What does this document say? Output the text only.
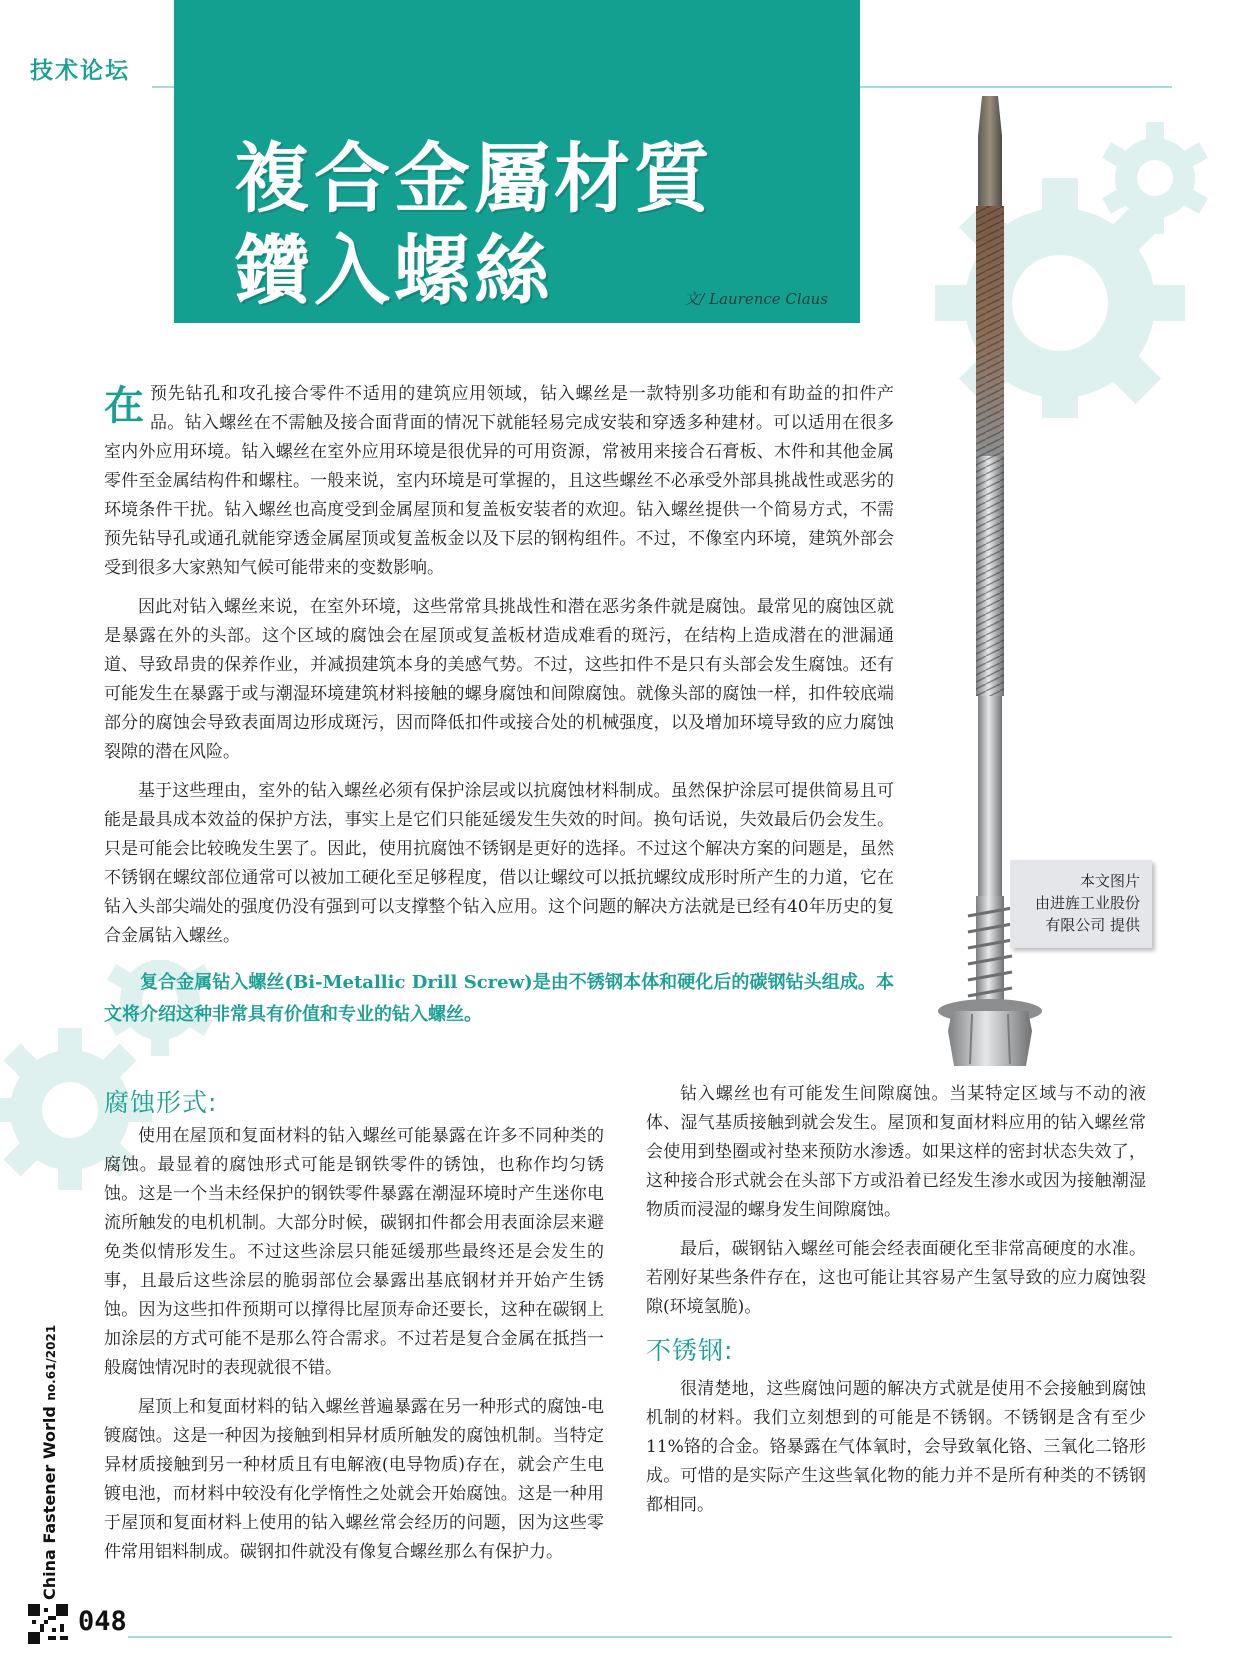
技术论坛
複合金屬材質
鑽入螺絲	文/ Laurence Claus
本文图片
由进旌工业股份
有限公司 提供

在预先钻孔和攻孔接合零件不适用的建筑应用领域，钻入螺丝是一款特别多功能和有助益的扣件产品。钻入螺丝在不需触及接合面背面的情况下就能轻易完成安装和穿透多种建材。可以适用在很多室内外应用环境。钻入螺丝在室外应用环境是很优异的可用资源，常被用来接合石膏板、木件和其他金属零件至金属结构件和螺柱。一般来说，室内环境是可掌握的，且这些螺丝不必承受外部具挑战性或恶劣的环境条件干扰。钻入螺丝也高度受到金属屋顶和复盖板安装者的欢迎。钻入螺丝提供一个简易方式，不需预先钻导孔或通孔就能穿透金属屋顶或复盖板金以及下层的钢构组件。不过，不像室内环境，建筑外部会受到很多大家熟知气候可能带来的变数影响。

因此对钻入螺丝来说，在室外环境，这些常常具挑战性和潜在恶劣条件就是腐蚀。最常见的腐蚀区就是暴露在外的头部。这个区域的腐蚀会在屋顶或复盖板材造成难看的斑污，在结构上造成潜在的泄漏通道、导致昂贵的保养作业，并减损建筑本身的美感气势。不过，这些扣件不是只有头部会发生腐蚀。还有可能发生在暴露于或与潮湿环境建筑材料接触的螺身腐蚀和间隙腐蚀。就像头部的腐蚀一样，扣件较底端部分的腐蚀会导致表面周边形成斑污，因而降低扣件或接合处的机械强度，以及增加环境导致的应力腐蚀裂隙的潜在风险。

基于这些理由，室外的钻入螺丝必须有保护涂层或以抗腐蚀材料制成。虽然保护涂层可提供简易且可能是最具成本效益的保护方法，事实上是它们只能延缓发生失效的时间。换句话说，失效最后仍会发生。只是可能会比较晚发生罢了。因此，使用抗腐蚀不锈钢是更好的选择。不过这个解决方案的问题是，虽然不锈钢在螺纹部位通常可以被加工硬化至足够程度，借以让螺纹可以抵抗螺纹成形时所产生的力道，它在钻入头部尖端处的强度仍没有强到可以支撑整个钻入应用。这个问题的解决方法就是已经有40年历史的复合金属钻入螺丝。

复合金属钻入螺丝(Bi-Metallic Drill Screw)是由不锈钢本体和硬化后的碳钢钻头组成。本文将介绍这种非常具有价值和专业的钻入螺丝。
腐蚀形式:

使用在屋顶和复面材料的钻入螺丝可能暴露在许多不同种类的腐蚀。最显着的腐蚀形式可能是钢铁零件的锈蚀，也称作均匀锈蚀。这是一个当未经保护的钢铁零件暴露在潮湿环境时产生迷你电流所触发的电机机制。大部分时候，碳钢扣件都会用表面涂层来避免类似情形发生。不过这些涂层只能延缓那些最终还是会发生的事，且最后这些涂层的脆弱部位会暴露出基底钢材并开始产生锈蚀。因为这些扣件预期可以撑得比屋顶寿命还要长，这种在碳钢上加涂层的方式可能不是那么符合需求。不过若是复合金属在抵挡一般腐蚀情况时的表现就很不错。

屋顶上和复面材料的钻入螺丝普遍暴露在另一种形式的腐蚀-电镀腐蚀。这是一种因为接触到相异材质所触发的腐蚀机制。当特定异材质接触到另一种材质且有电解液(电导物质)存在，就会产生电镀电池，而材料中较没有化学惰性之处就会开始腐蚀。这是一种用于屋顶和复面材料上使用的钻入螺丝常会经历的问题，因为这些零件常用铝料制成。碳钢扣件就没有像复合螺丝那么有保护力。

钻入螺丝也有可能发生间隙腐蚀。当某特定区域与不动的液体、湿气基质接触到就会发生。屋顶和复面材料应用的钻入螺丝常会使用到垫圈或衬垫来预防水渗透。如果这样的密封状态失效了，这种接合形式就会在头部下方或沿着已经发生渗水或因为接触潮湿物质而浸湿的螺身发生间隙腐蚀。

最后，碳钢钻入螺丝可能会经表面硬化至非常高硬度的水准。若刚好某些条件存在，这也可能让其容易产生氢导致的应力腐蚀裂隙(环境氢脆)。

不锈钢:

很清楚地，这些腐蚀问题的解决方式就是使用不会接触到腐蚀机制的材料。我们立刻想到的可能是不锈钢。不锈钢是含有至少11%铬的合金。铬暴露在气体氧时，会导致氧化铬、三氧化二铬形成。可惜的是实际产生这些氧化物的能力并不是所有种类的不锈钢都相同。

China Fastener World no.61/2021
048
